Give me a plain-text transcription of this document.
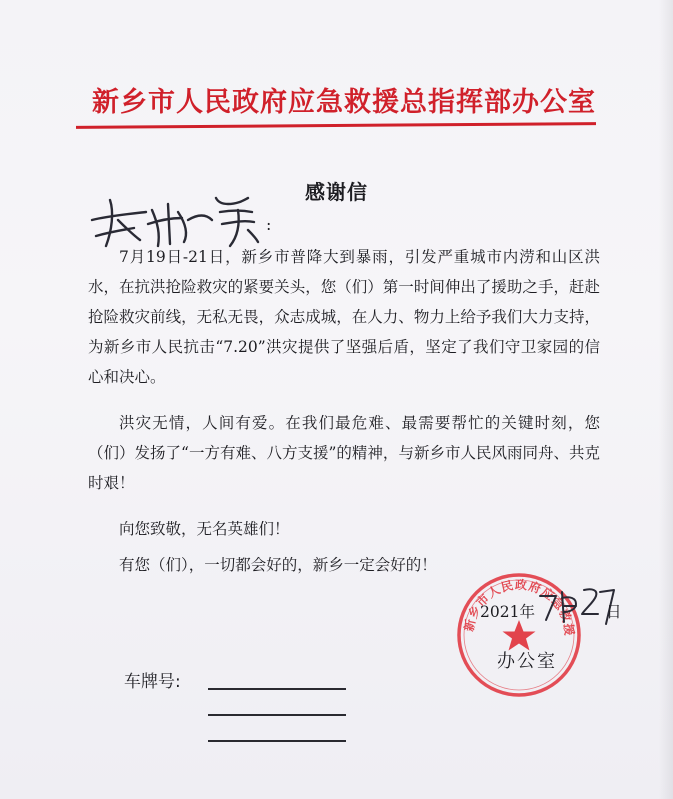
新乡市人民政府应急救援总指挥部办公室
感谢信
:

7月19日-21日，新乡市普降大到暴雨，引发严重城市内涝和山区洪水，在抗洪抢险救灾的紧要关头，您（们）第一时间伸出了援助之手，赶赴抢险救灾前线，无私无畏，众志成城，在人力、物力上给予我们大力支持，为新乡市人民抗击“7.20”洪灾提供了坚强后盾，坚定了我们守卫家园的信心和决心。

洪灾无情，人间有爱。在我们最危难、最需要帮忙的关键时刻，您（们）发扬了“一方有难、八方支援”的精神，与新乡市人民风雨同舟、共克时艰！

向您致敬，无名英雄们！

有您（们），一切都会好的，新乡一定会好的！

新乡市人民政府应急救援
2021年	日
办公室
车牌号:
